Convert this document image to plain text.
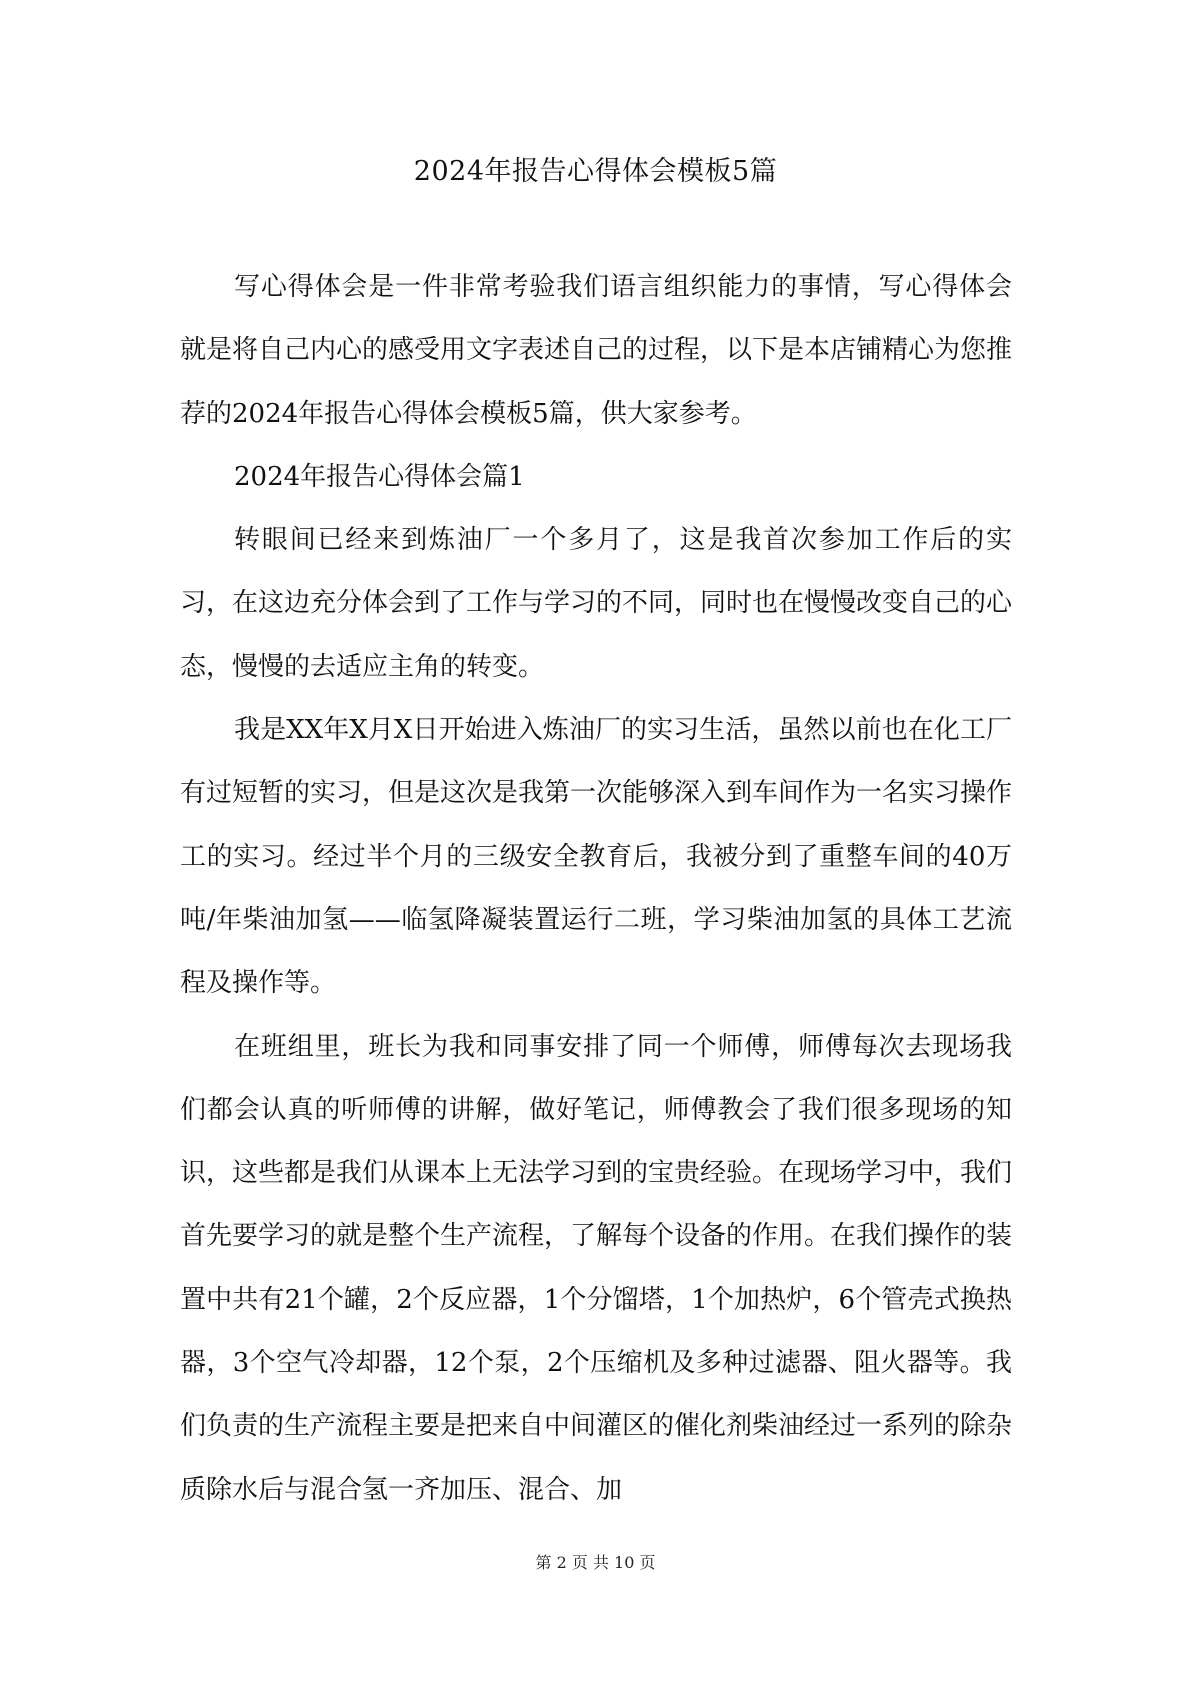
2024年报告心得体会模板5篇

写心得体会是一件非常考验我们语言组织能力的事情，写心得体会就是将自己内心的感受用文字表述自己的过程，以下是本店铺精心为您推荐的2024年报告心得体会模板5篇，供大家参考。

2024年报告心得体会篇1

转眼间已经来到炼油厂一个多月了，这是我首次参加工作后的实习，在这边充分体会到了工作与学习的不同，同时也在慢慢改变自己的心态，慢慢的去适应主角的转变。

我是XX年X月X日开始进入炼油厂的实习生活，虽然以前也在化工厂有过短暂的实习，但是这次是我第一次能够深入到车间作为一名实习操作工的实习。经过半个月的三级安全教育后，我被分到了重整车间的40万吨/年柴油加氢——临氢降凝装置运行二班，学习柴油加氢的具体工艺流程及操作等。

在班组里，班长为我和同事安排了同一个师傅，师傅每次去现场我们都会认真的听师傅的讲解，做好笔记，师傅教会了我们很多现场的知识，这些都是我们从课本上无法学习到的宝贵经验。在现场学习中，我们首先要学习的就是整个生产流程，了解每个设备的作用。在我们操作的装置中共有21个罐，2个反应器，1个分馏塔，1个加热炉，6个管壳式换热器，3个空气冷却器，12个泵，2个压缩机及多种过滤器、阻火器等。我们负责的生产流程主要是把来自中间灌区的催化剂柴油经过一系列的除杂质除水后与混合氢一齐加压、混合、加

第 2 页 共 10 页
